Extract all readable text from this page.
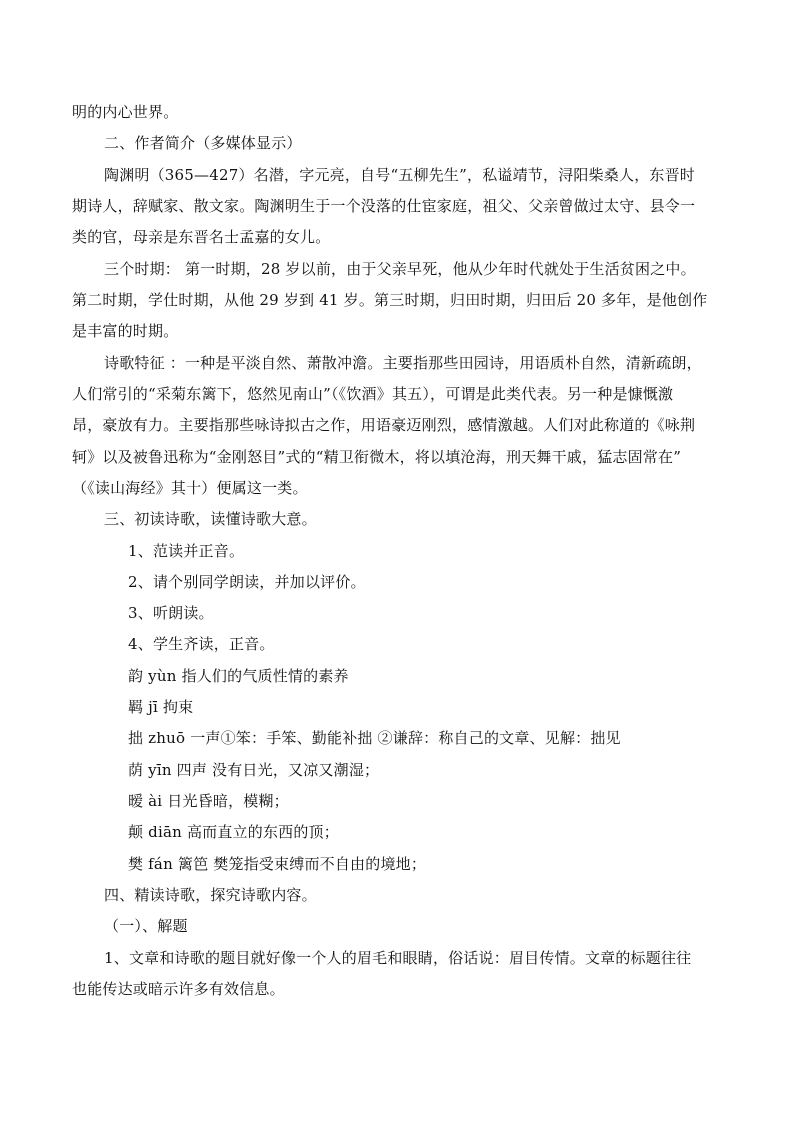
明的内心世界。
二、作者简介（多媒体显示）
陶渊明（365—427）名潜，字元亮，自号“五柳先生”，私谥靖节，浔阳柴桑人，东晋时
期诗人，辞赋家、散文家。陶渊明生于一个没落的仕宦家庭，祖父、父亲曾做过太守、县令一
类的官，母亲是东晋名士孟嘉的女儿。
三个时期： 第一时期，28 岁以前，由于父亲早死，他从少年时代就处于生活贫困之中。
第二时期，学仕时期，从他 29 岁到 41 岁。第三时期，归田时期，归田后 20 多年，是他创作
是丰富的时期。
诗歌特征 ：一种是平淡自然、萧散冲澹。主要指那些田园诗，用语质朴自然，清新疏朗，
人们常引的“采菊东篱下，悠然见南山”（《饮酒》其五），可谓是此类代表。另一种是慷慨激
昂，豪放有力。主要指那些咏诗拟古之作，用语豪迈刚烈，感情激越。人们对此称道的《咏荆
轲》以及被鲁迅称为“金刚怒目”式的“精卫衔微木，将以填沧海，刑天舞干戚，猛志固常在”
（《读山海经》其十）便属这一类。
三、初读诗歌，读懂诗歌大意。
1、范读并正音。
2、请个别同学朗读，并加以评价。
3、听朗读。
4、学生齐读，正音。
韵 yùn 指人们的气质性情的素养
羁 jī 拘束
拙 zhuō 一声①笨：手笨、勤能补拙 ②谦辞：称自己的文章、见解：拙见
荫 yīn 四声 没有日光，又凉又潮湿；
暧 ài 日光昏暗，模糊；
颠 diān 高而直立的东西的顶；
樊 fán 篱笆 樊笼指受束缚而不自由的境地；
四、精读诗歌，探究诗歌内容。
（一）、解题
1、文章和诗歌的题目就好像一个人的眉毛和眼睛，俗话说：眉目传情。文章的标题往往
也能传达或暗示许多有效信息。
